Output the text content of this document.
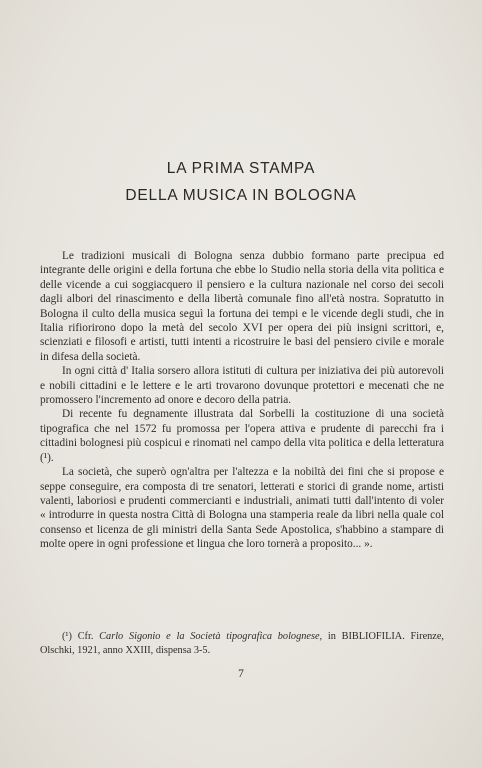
LA PRIMA STAMPA
DELLA MUSICA IN BOLOGNA

Le tradizioni musicali di Bologna senza dubbio formano parte precipua ed integrante delle origini e della fortuna che ebbe lo Studio nella storia della vita politica e delle vicende a cui soggiacquero il pensiero e la cultura nazionale nel corso dei secoli dagli albori del rinascimento e della libertà comunale fino all'età nostra. Sopratutto in Bologna il culto della musica seguì la fortuna dei tempi e le vicende degli studi, che in Italia rifiorirono dopo la metà del secolo XVI per opera dei più insigni scrittori, e, scienziati e filosofi e artisti, tutti intenti a ricostruire le basi del pensiero civile e morale in difesa della società.

In ogni città d' Italia sorsero allora istituti di cultura per iniziativa dei più autorevoli e nobili cittadini e le lettere e le arti trovarono dovunque protettori e mecenati che ne promossero l'incremento ad onore e decoro della patria.

Di recente fu degnamente illustrata dal Sorbelli la costituzione di una società tipografica che nel 1572 fu promossa per l'opera attiva e prudente di parecchi fra i cittadini bolognesi più cospicui e rinomati nel campo della vita politica e della letteratura (¹).

La società, che superò ogn'altra per l'altezza e la nobiltà dei fini che si propose e seppe conseguire, era composta di tre senatori, letterati e storici di grande nome, artisti valenti, laboriosi e prudenti commercianti e industriali, animati tutti dall'intento di voler « introdurre in questa nostra Città di Bologna una stamperia reale da libri nella quale col consenso et licenza de gli ministri della Santa Sede Apostolica, s'habbino a stampare di molte opere in ogni professione et lingua che loro tornerà a proposito... ».

(¹) Cfr. Carlo Sigonio e la Società tipografica bolognese, in BIBLIOFILIA. Firenze, Olschki, 1921, anno XXIII, dispensa 3-5.
7
